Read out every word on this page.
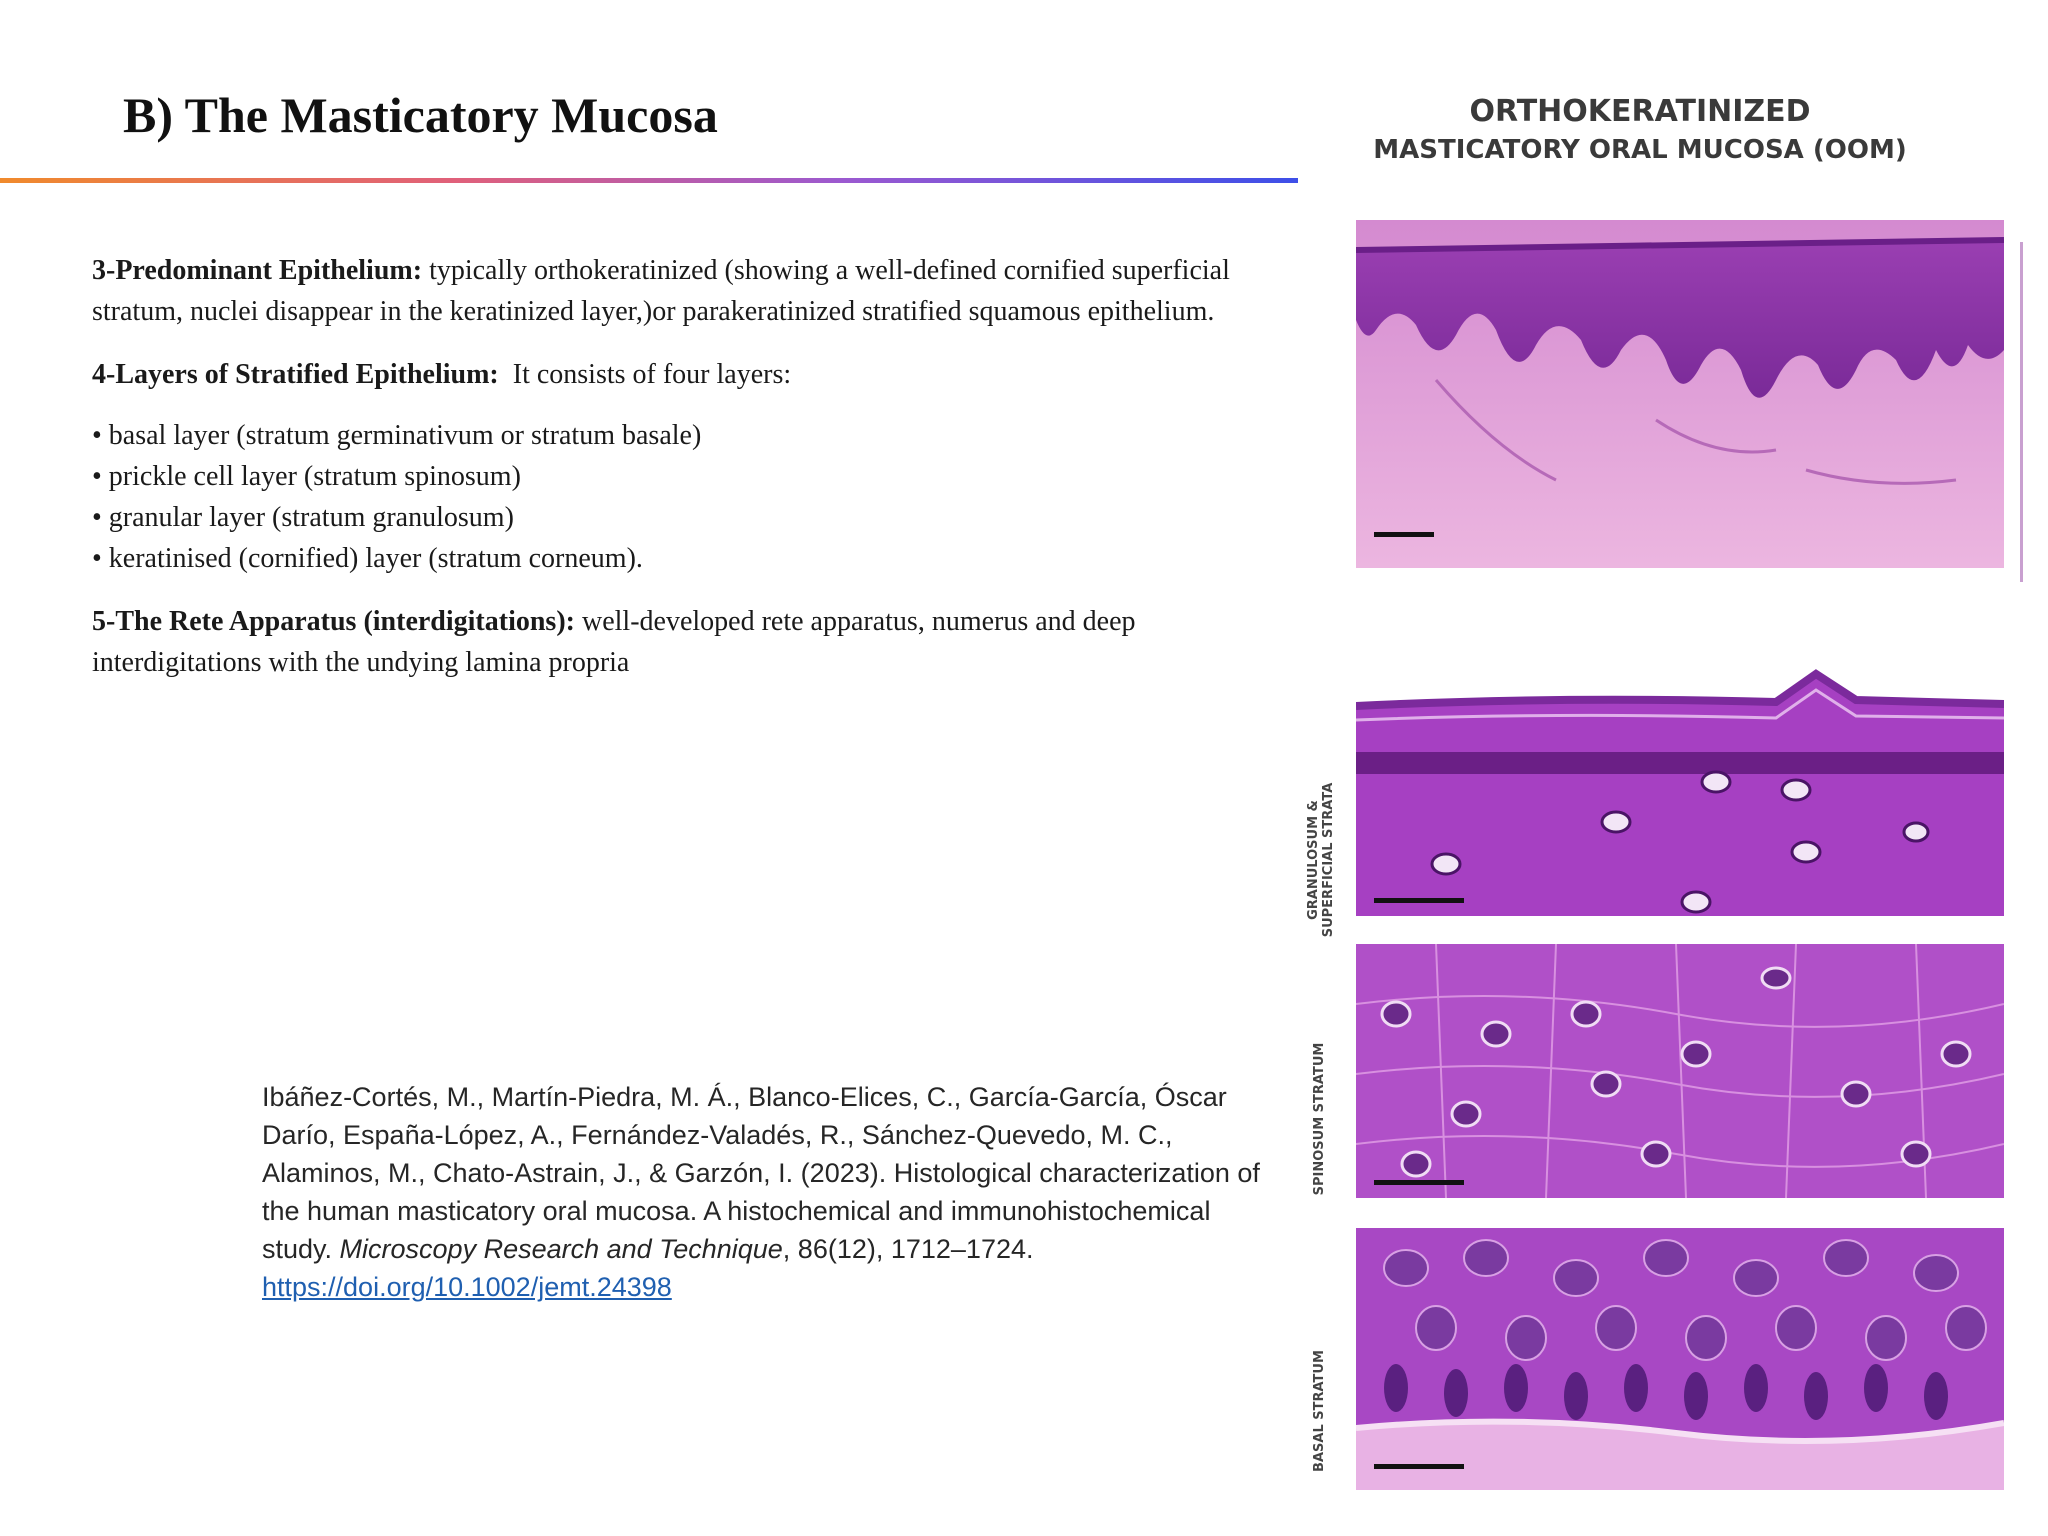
B) The Masticatory Mucosa

3-Predominant Epithelium: typically orthokeratinized (showing a well-defined cornified superficial stratum, nuclei disappear in the keratinized layer,)or parakeratinized stratified squamous epithelium.

4-Layers of Stratified Epithelium:  It consists of four layers:

• basal layer (stratum germinativum or stratum basale)
• prickle cell layer (stratum spinosum)
• granular layer (stratum granulosum)
• keratinised (cornified) layer (stratum corneum).

5-The Rete Apparatus (interdigitations): well-developed rete apparatus, numerus and deep interdigitations with the undying lamina propria

Ibáñez-Cortés, M., Martín-Piedra, M. Á., Blanco-Elices, C., García-García, Óscar Darío, España-López, A., Fernández-Valadés, R., Sánchez-Quevedo, M. C., Alaminos, M., Chato-Astrain, J., & Garzón, I. (2023). Histological characterization of the human masticatory oral mucosa. A histochemical and immunohistochemical study. Microscopy Research and Technique, 86(12), 1712–1724. https://doi.org/10.1002/jemt.24398
ORTHOKERATINIZED
MASTICATORY ORAL MUCOSA (OOM)
GRANULOSUM & SUPERFICIAL STRATA
SPINOSUM STRATUM
BASAL STRATUM
